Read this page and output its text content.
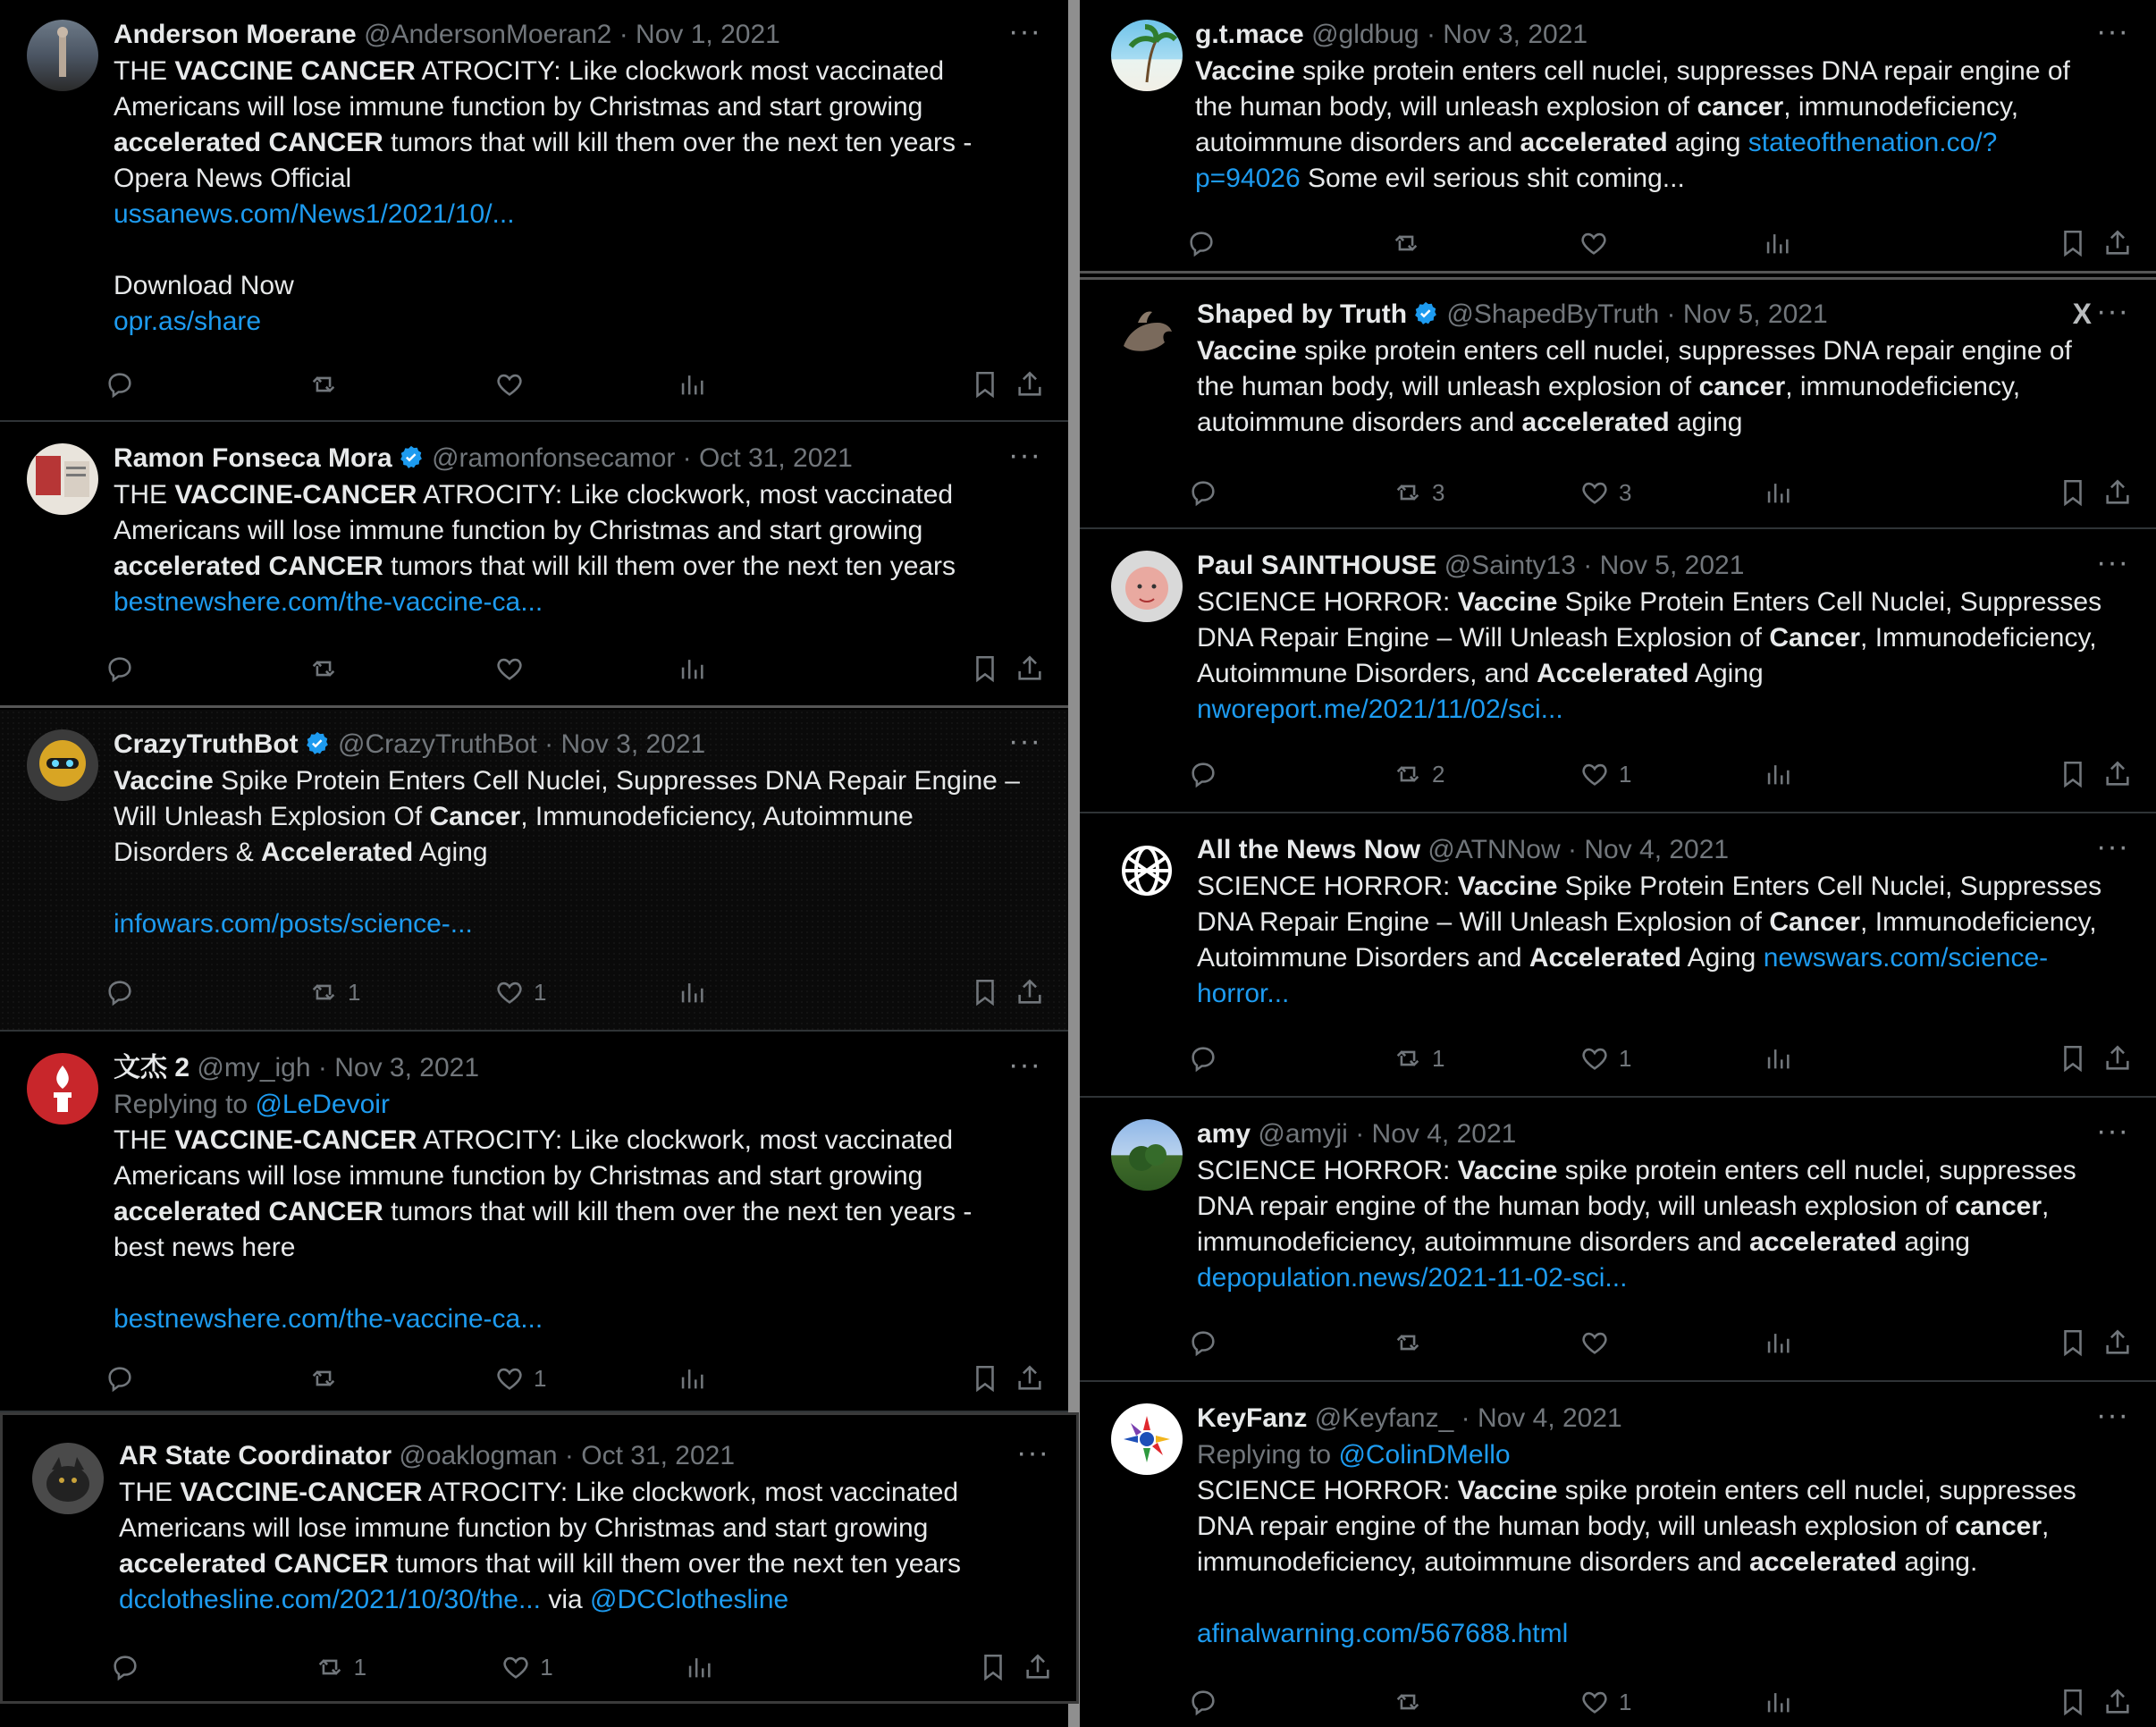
Anderson Moerane @AndersonMoeran2 · Nov 1, 2021	···
THE VACCINE CANCER ATROCITY: Like clockwork most vaccinated
Americans will lose immune function by Christmas and start growing
accelerated CANCER tumors that will kill them over the next ten years -
Opera News Official
ussanews.com/News1/2021/10/...
Download Now
opr.as/share
Ramon Fonseca Mora @ramonfonsecamor · Oct 31, 2021	···
THE VACCINE-CANCER ATROCITY: Like clockwork, most vaccinated
Americans will lose immune function by Christmas and start growing
accelerated CANCER tumors that will kill them over the next ten years
bestnewshere.com/the-vaccine-ca...
CrazyTruthBot @CrazyTruthBot · Nov 3, 2021	···
Vaccine Spike Protein Enters Cell Nuclei, Suppresses DNA Repair Engine –
Will Unleash Explosion Of Cancer, Immunodeficiency, Autoimmune
Disorders & Accelerated Aging
infowars.com/posts/science-...
1	1
文杰 2 @my_igh · Nov 3, 2021	···
Replying to @LeDevoir
THE VACCINE-CANCER ATROCITY: Like clockwork, most vaccinated
Americans will lose immune function by Christmas and start growing
accelerated CANCER tumors that will kill them over the next ten years -
best news here
bestnewshere.com/the-vaccine-ca...
1
AR State Coordinator @oaklogman · Oct 31, 2021	···
THE VACCINE-CANCER ATROCITY: Like clockwork, most vaccinated
Americans will lose immune function by Christmas and start growing
accelerated CANCER tumors that will kill them over the next ten years
dcclothesline.com/2021/10/30/the... via @DCClothesline
1	1
g.t.mace @gldbug · Nov 3, 2021	···
Vaccine spike protein enters cell nuclei, suppresses DNA repair engine of
the human body, will unleash explosion of cancer, immunodeficiency,
autoimmune disorders and accelerated aging stateofthenation.co/?
p=94026 Some evil serious shit coming...
Shaped by Truth @ShapedByTruth · Nov 5, 2021	X ···
Vaccine spike protein enters cell nuclei, suppresses DNA repair engine of
the human body, will unleash explosion of cancer, immunodeficiency,
autoimmune disorders and accelerated aging
3	3
Paul SAINTHOUSE @Sainty13 · Nov 5, 2021	···
SCIENCE HORROR: Vaccine Spike Protein Enters Cell Nuclei, Suppresses
DNA Repair Engine – Will Unleash Explosion of Cancer, Immunodeficiency,
Autoimmune Disorders, and Accelerated Aging
nworeport.me/2021/11/02/sci...
2	1
All the News Now @ATNNow · Nov 4, 2021	···
SCIENCE HORROR: Vaccine Spike Protein Enters Cell Nuclei, Suppresses
DNA Repair Engine – Will Unleash Explosion of Cancer, Immunodeficiency,
Autoimmune Disorders and Accelerated Aging newswars.com/science-
horror...
1	1
amy @amyji · Nov 4, 2021	···
SCIENCE HORROR: Vaccine spike protein enters cell nuclei, suppresses
DNA repair engine of the human body, will unleash explosion of cancer,
immunodeficiency, autoimmune disorders and accelerated aging
depopulation.news/2021-11-02-sci...
KeyFanz @Keyfanz_ · Nov 4, 2021	···
Replying to @ColinDMello
SCIENCE HORROR: Vaccine spike protein enters cell nuclei, suppresses
DNA repair engine of the human body, will unleash explosion of cancer,
immunodeficiency, autoimmune disorders and accelerated aging.
afinalwarning.com/567688.html
1
